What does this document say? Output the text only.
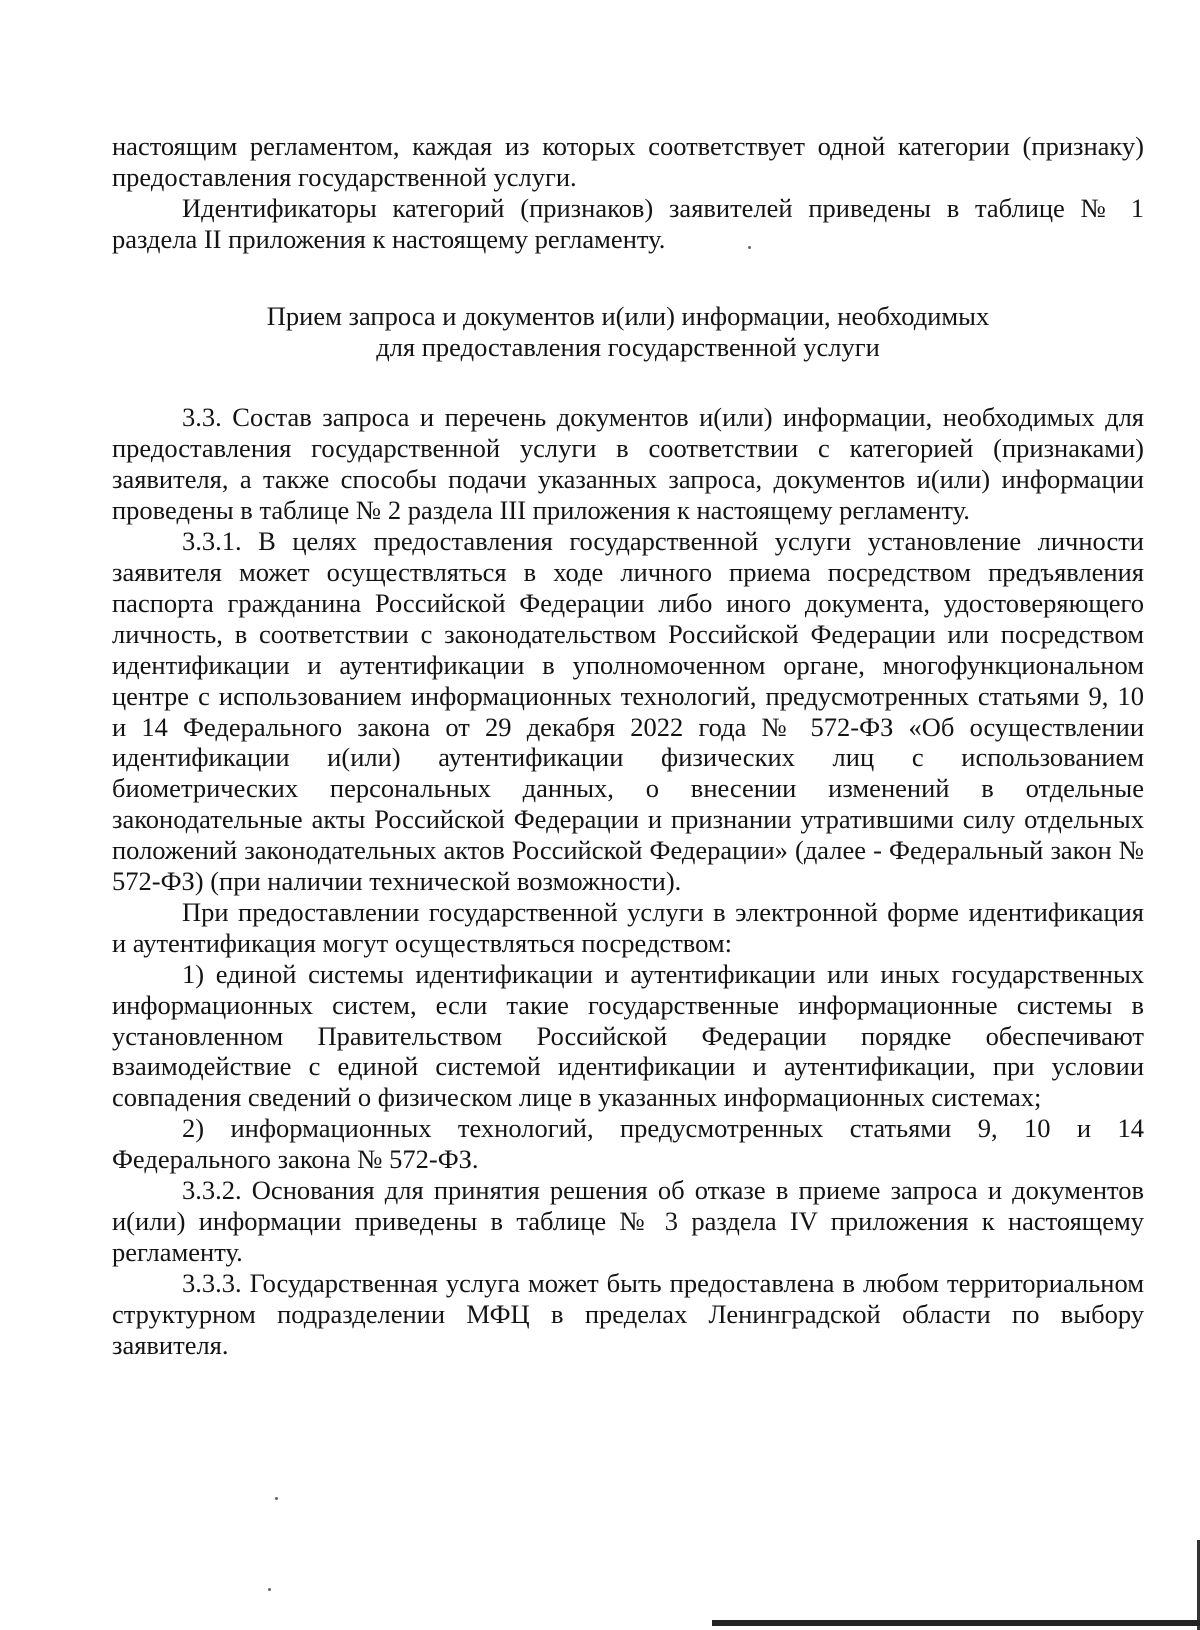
настоящим регламентом, каждая из которых соответствует одной категории (признаку) предоставления государственной услуги.

Идентификаторы категорий (признаков) заявителей приведены в таблице № 1 раздела II приложения к настоящему регламенту.

Прием запроса и документов и(или) информации, необходимых
для предоставления государственной услуги

3.3. Состав запроса и перечень документов и(или) информации, необходимых для предоставления государственной услуги в соответствии с категорией (признаками) заявителя, а также способы подачи указанных запроса, документов и(или) информации проведены в таблице № 2 раздела III приложения к настоящему регламенту.

3.3.1. В целях предоставления государственной услуги установление личности заявителя может осуществляться в ходе личного приема посредством предъявления паспорта гражданина Российской Федерации либо иного документа, удостоверяющего личность, в соответствии с законодательством Российской Федерации или посредством идентификации и аутентификации в уполномоченном органе, многофункциональном центре с использованием информационных технологий, предусмотренных статьями 9, 10 и 14 Федерального закона от 29 декабря 2022 года № 572-ФЗ «Об осуществлении идентификации и(или) аутентификации физических лиц с использованием биометрических персональных данных, о внесении изменений в отдельные законодательные акты Российской Федерации и признании утратившими силу отдельных положений законодательных актов Российской Федерации» (далее - Федеральный закон № 572-ФЗ) (при наличии технической возможности).

При предоставлении государственной услуги в электронной форме идентификация и аутентификация могут осуществляться посредством:

1) единой системы идентификации и аутентификации или иных государственных информационных систем, если такие государственные информационные системы в установленном Правительством Российской Федерации порядке обеспечивают взаимодействие с единой системой идентификации и аутентификации, при условии совпадения сведений о физическом лице в указанных информационных системах;

2) информационных технологий, предусмотренных статьями 9, 10 и 14 Федерального закона № 572-ФЗ.

3.3.2. Основания для принятия решения об отказе в приеме запроса и документов и(или) информации приведены в таблице № 3 раздела IV приложения к настоящему регламенту.

3.3.3. Государственная услуга может быть предоставлена в любом территориальном структурном подразделении МФЦ в пределах Ленинградской области по выбору заявителя.
